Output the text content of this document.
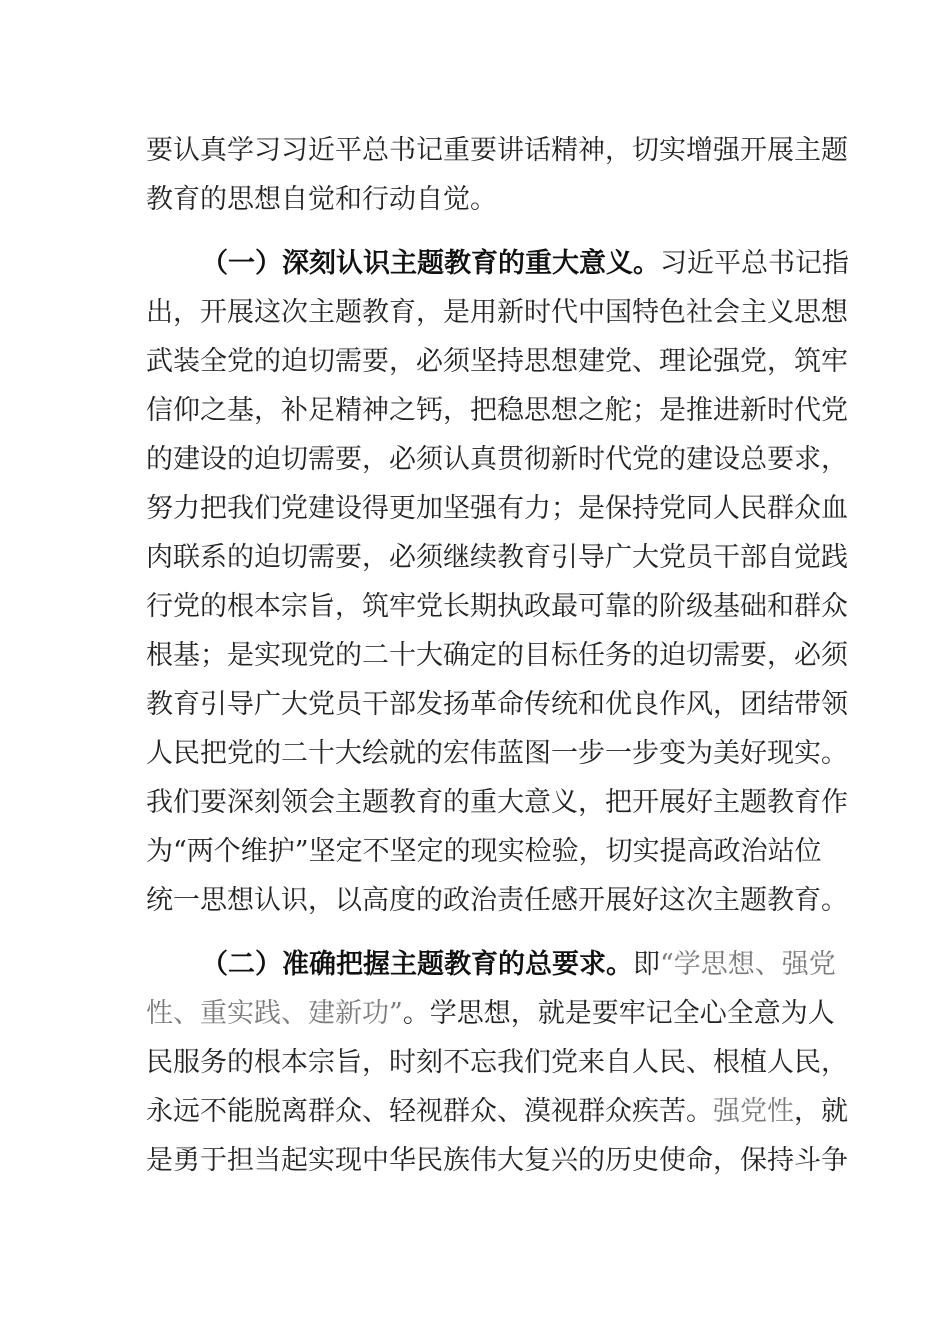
要认真学习习近平总书记重要讲话精神，切实增强开展主题
教育的思想自觉和行动自觉。
（一）深刻认识主题教育的重大意义。习近平总书记指
出，开展这次主题教育，是用新时代中国特色社会主义思想
武装全党的迫切需要，必须坚持思想建党、理论强党，筑牢
信仰之基，补足精神之钙，把稳思想之舵；是推进新时代党
的建设的迫切需要，必须认真贯彻新时代党的建设总要求，
努力把我们党建设得更加坚强有力；是保持党同人民群众血
肉联系的迫切需要，必须继续教育引导广大党员干部自觉践
行党的根本宗旨，筑牢党长期执政最可靠的阶级基础和群众
根基；是实现党的二十大确定的目标任务的迫切需要，必须
教育引导广大党员干部发扬革命传统和优良作风，团结带领
人民把党的二十大绘就的宏伟蓝图一步一步变为美好现实。
我们要深刻领会主题教育的重大意义，把开展好主题教育作
为“两个维护”坚定不坚定的现实检验，切实提高政治站位
统一思想认识，以高度的政治责任感开展好这次主题教育。
（二）准确把握主题教育的总要求。即“学思想、强党
性、重实践、建新功”。学思想，就是要牢记全心全意为人
民服务的根本宗旨，时刻不忘我们党来自人民、根植人民，
永远不能脱离群众、轻视群众、漠视群众疾苦。强党性，就
是勇于担当起实现中华民族伟大复兴的历史使命，保持斗争
